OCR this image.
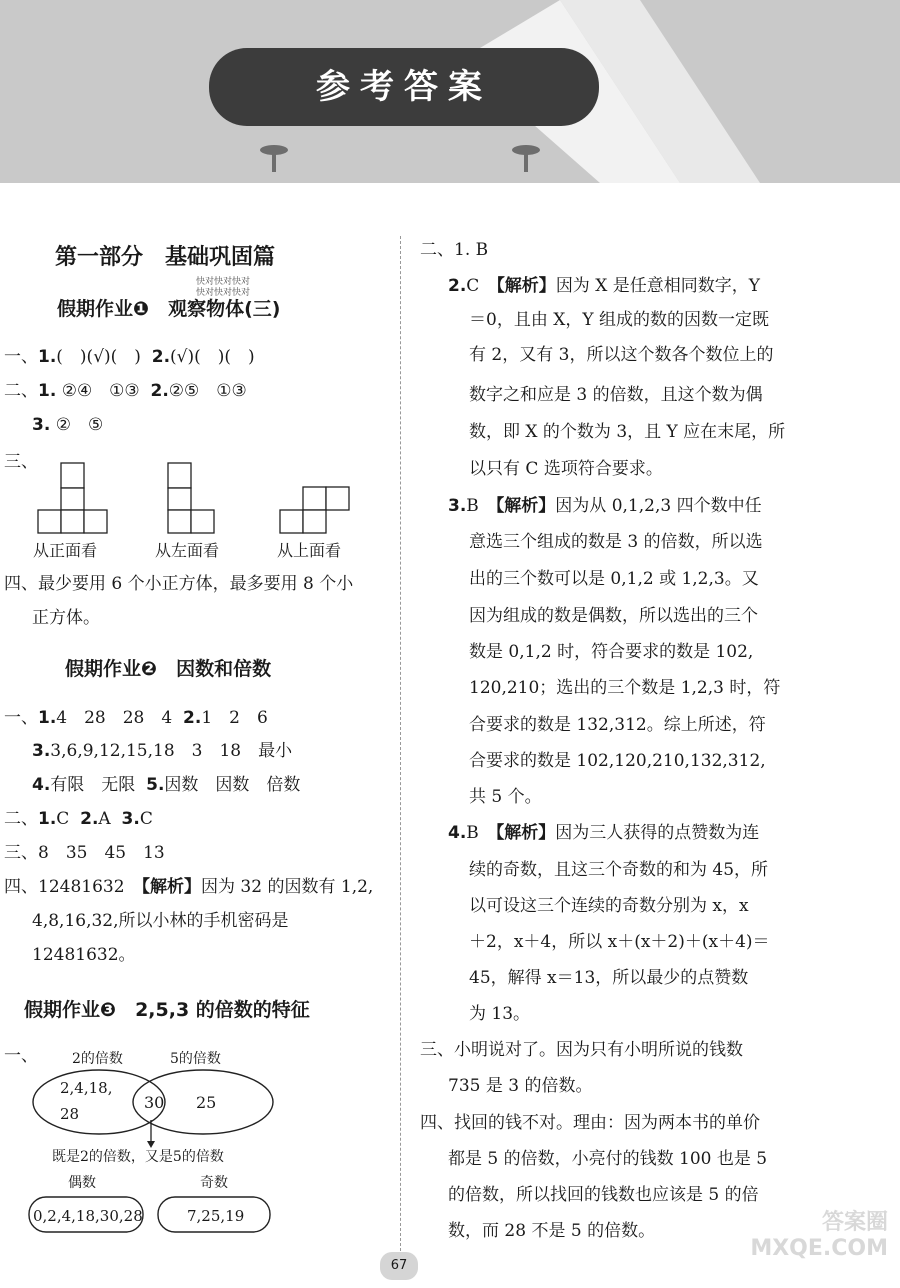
参考答案
第一部分　基础巩固篇
快对快对快对
快对快对快对
假期作业❶　观察物体(三)
一、1.(　)(√)(　) 2.(√)(　)(　)
二、1. ②④　①③ 2.②⑤　①③
3. ②　⑤
三、
从正面看	从左面看	从上面看
四、最少要用 6 个小正方体，最多要用 8 个小
正方体。
假期作业❷　因数和倍数
一、1.4　28　28　4 2.1　2　6
3.3,6,9,12,15,18　3　18　最小
4.有限　无限 5.因数　因数　倍数
二、1.C 2.A 3.C
三、8　35　45　13
四、12481632　【解析】因为 32 的因数有 1,2,
4,8,16,32,所以小林的手机密码是
12481632。
假期作业❸　2,5,3 的倍数的特征
一、 2的倍数	5的倍数
2,4,18,
28
30 25
既是2的倍数，又是5的倍数
偶数	奇数
0,2,4,18,30,28	7,25,19
二、1. B
2.C　【解析】因为 X 是任意相同数字，Y
＝0，且由 X，Y 组成的数的因数一定既
有 2，又有 3，所以这个数各个数位上的
数字之和应是 3 的倍数，且这个数为偶
数，即 X 的个数为 3，且 Y 应在末尾，所
以只有 C 选项符合要求。
3.B　【解析】因为从 0,1,2,3 四个数中任
意选三个组成的数是 3 的倍数，所以选
出的三个数可以是 0,1,2 或 1,2,3。又
因为组成的数是偶数，所以选出的三个
数是 0,1,2 时，符合要求的数是 102,
120,210；选出的三个数是 1,2,3 时，符
合要求的数是 132,312。综上所述，符
合要求的数是 102,120,210,132,312,
共 5 个。
4.B　【解析】因为三人获得的点赞数为连
续的奇数，且这三个奇数的和为 45，所
以可设这三个连续的奇数分别为 x，x
＋2，x＋4，所以 x＋(x＋2)＋(x＋4)＝
45，解得 x＝13，所以最少的点赞数
为 13。
三、小明说对了。因为只有小明所说的钱数
735 是 3 的倍数。
四、找回的钱不对。理由：因为两本书的单价
都是 5 的倍数，小亮付的钱数 100 也是 5
的倍数，所以找回的钱数也应该是 5 的倍
数，而 28 不是 5 的倍数。
67
答案圈 MXQE.COM
